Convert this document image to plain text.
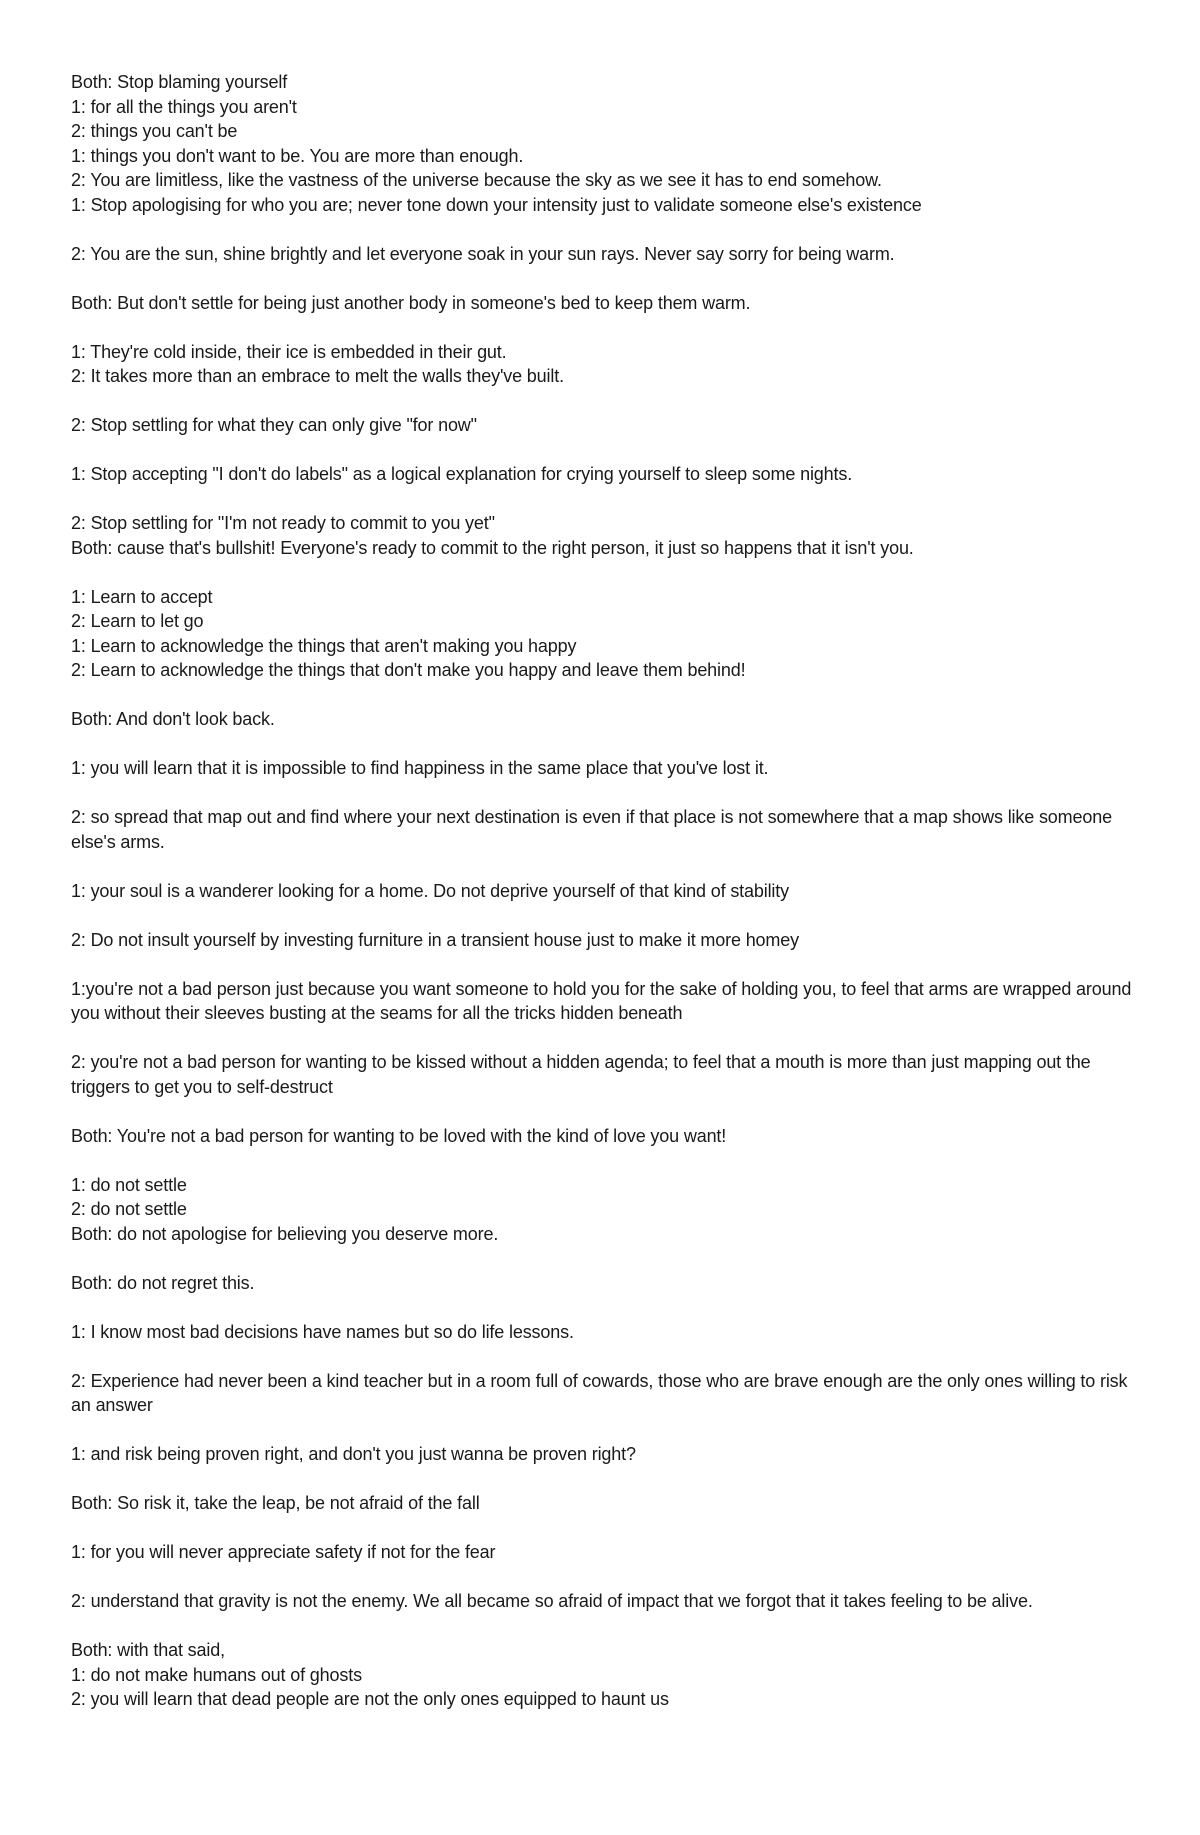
Both: Stop blaming yourself
1: for all the things you aren't
2: things you can't be
1: things you don't want to be. You are more than enough.
2: You are limitless, like the vastness of the universe because the sky as we see it has to end somehow.
1: Stop apologising for who you are; never tone down your intensity just to validate someone else's existence
2: You are the sun, shine brightly and let everyone soak in your sun rays. Never say sorry for being warm.
Both: But don't settle for being just another body in someone's bed to keep them warm.
1: They're cold inside, their ice is embedded in their gut.
2: It takes more than an embrace to melt the walls they've built.
2: Stop settling for what they can only give "for now"
1: Stop accepting "I don't do labels" as a logical explanation for crying yourself to sleep some nights.
2: Stop settling for "I'm not ready to commit to you yet"
Both: cause that's bullshit! Everyone's ready to commit to the right person, it just so happens that it isn't you.
1: Learn to accept
2: Learn to let go
1: Learn to acknowledge the things that aren't making you happy
2: Learn to acknowledge the things that don't make you happy and leave them behind!
Both: And don't look back.
1: you will learn that it is impossible to find happiness in the same place that you've lost it.
2: so spread that map out and find where your next destination is even if that place is not somewhere that a map shows like someone else's arms.
1: your soul is a wanderer looking for a home. Do not deprive yourself of that kind of stability
2: Do not insult yourself by investing furniture in a transient house just to make it more homey
1:you're not a bad person just because you want someone to hold you for the sake of holding you, to feel that arms are wrapped around you without their sleeves busting at the seams for all the tricks hidden beneath
2: you're not a bad person for wanting to be kissed without a hidden agenda; to feel that a mouth is more than just mapping out the triggers to get you to self-destruct
Both: You're not a bad person for wanting to be loved with the kind of love you want!
1: do not settle
2: do not settle
Both: do not apologise for believing you deserve more.
Both: do not regret this.
1: I know most bad decisions have names but so do life lessons.
2: Experience had never been a kind teacher but in a room full of cowards, those who are brave enough are the only ones willing to risk an answer
1: and risk being proven right, and don't you just wanna be proven right?
Both: So risk it, take the leap, be not afraid of the fall
1: for you will never appreciate safety if not for the fear
2: understand that gravity is not the enemy. We all became so afraid of impact that we forgot that it takes feeling to be alive.
Both: with that said,
1: do not make humans out of ghosts
2: you will learn that dead people are not the only ones equipped to haunt us
